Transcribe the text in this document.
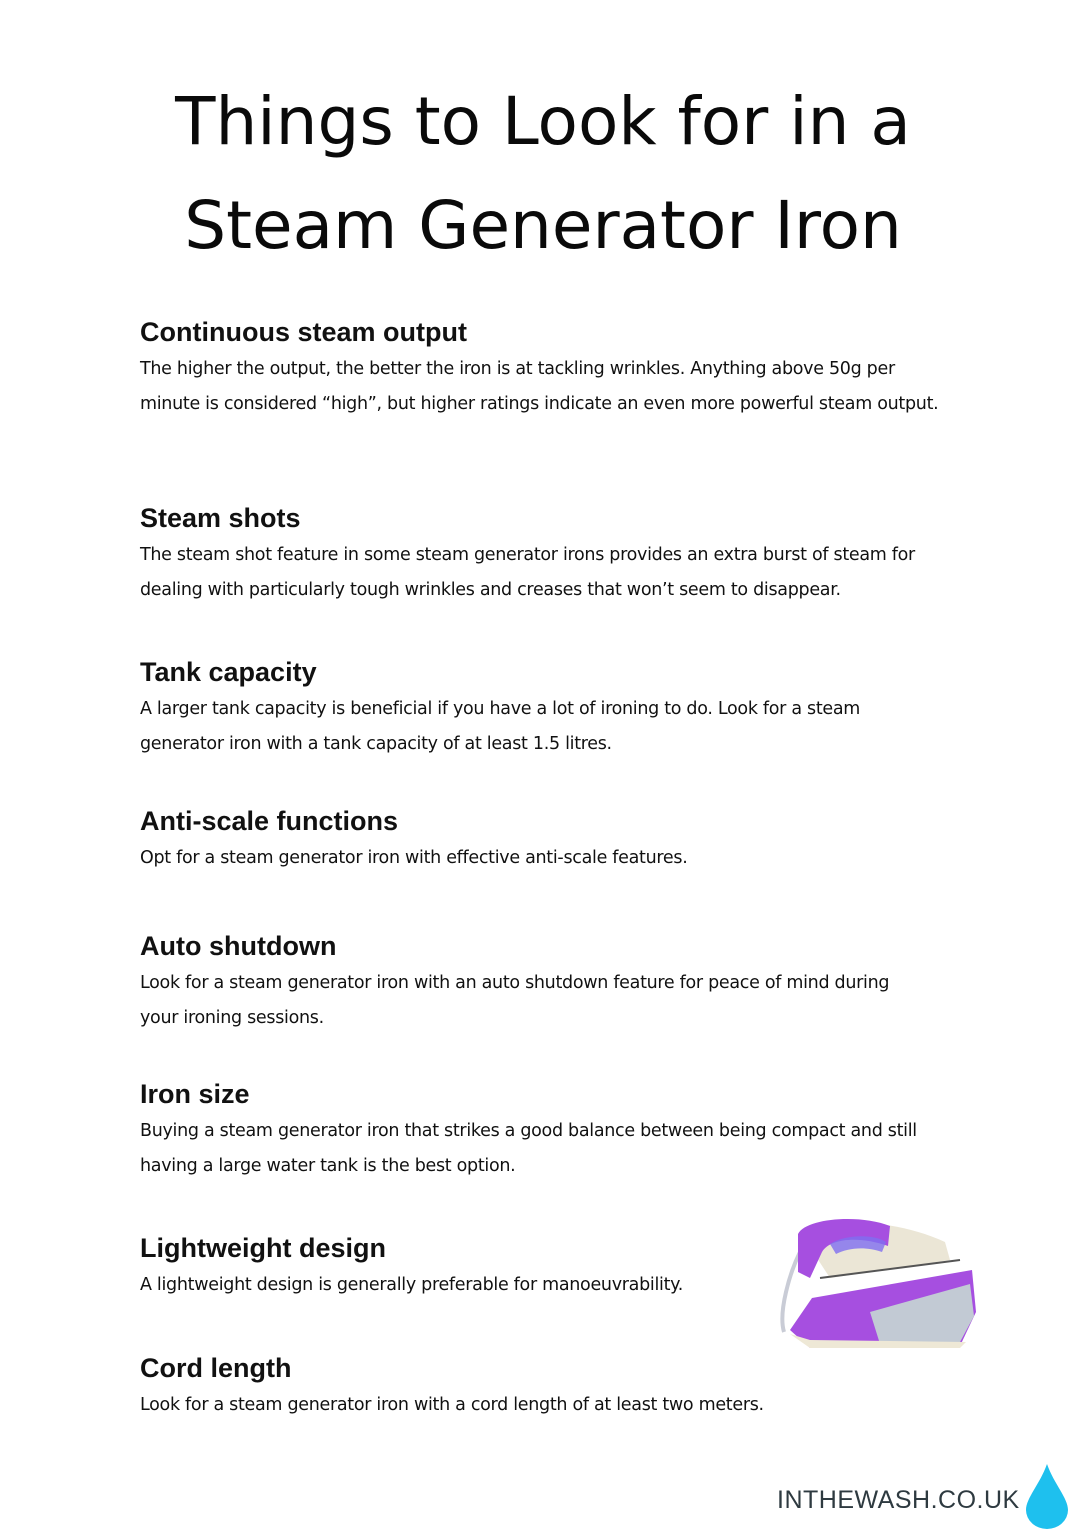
Things to Look for in a
Steam Generator Iron
Continuous steam output

The higher the output, the better the iron is at tackling wrinkles. Anything above 50g per minute is considered “high”, but higher ratings indicate an even more powerful steam output.

Steam shots

The steam shot feature in some steam generator irons provides an extra burst of steam for dealing with particularly tough wrinkles and creases that won’t seem to disappear.

Tank capacity

A larger tank capacity is beneficial if you have a lot of ironing to do. Look for a steam generator iron with a tank capacity of at least 1.5 litres.

Anti-scale functions

Opt for a steam generator iron with effective anti-scale features.

Auto shutdown

Look for a steam generator iron with an auto shutdown feature for peace of mind during your ironing sessions.

Iron size

Buying a steam generator iron that strikes a good balance between being compact and still having a large water tank is the best option.

Lightweight design

A lightweight design is generally preferable for manoeuvrability.

Cord length

Look for a steam generator iron with a cord length of at least two meters.

INTHEWASH.CO.UK
